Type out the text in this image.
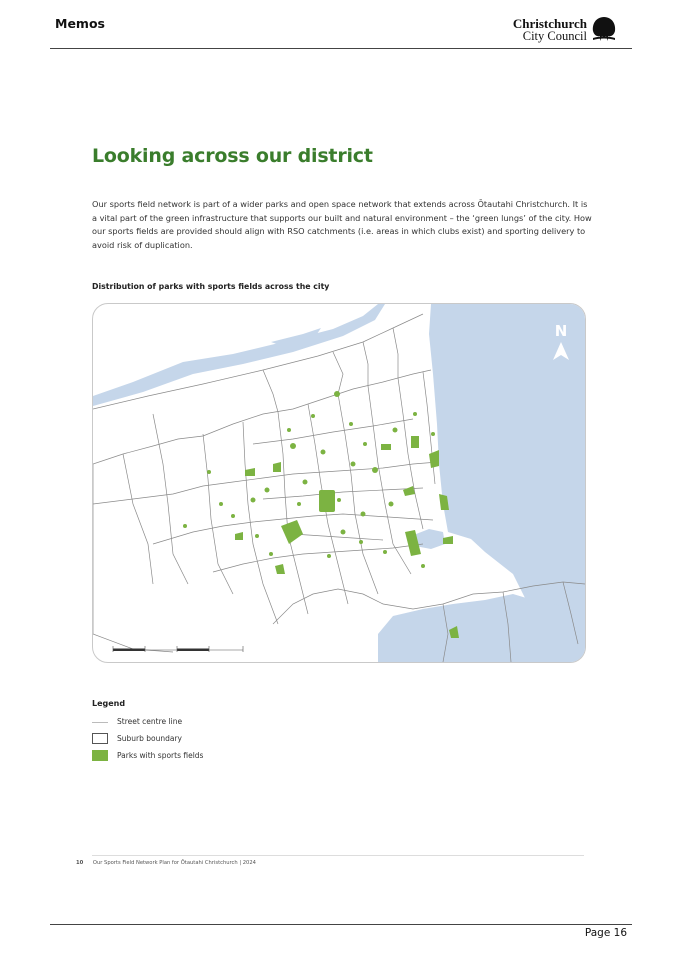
Memos	Christchurch
City Council
Looking across our district

Our sports field network is part of a wider parks and open space network that extends across Ōtautahi Christchurch. It is a vital part of the green infrastructure that supports our built and natural environment – the ‘green lungs’ of the city. How our sports fields are provided should align with RSO catchments (i.e. areas in which clubs exist) and sporting delivery to avoid risk of duplication.

Distribution of parks with sports fields across the city

N
Legend
Street centre line
Suburb boundary
Parks with sports fields
10 Our Sports Field Network Plan for Ōtautahi Christchurch | 2024
Page 16
